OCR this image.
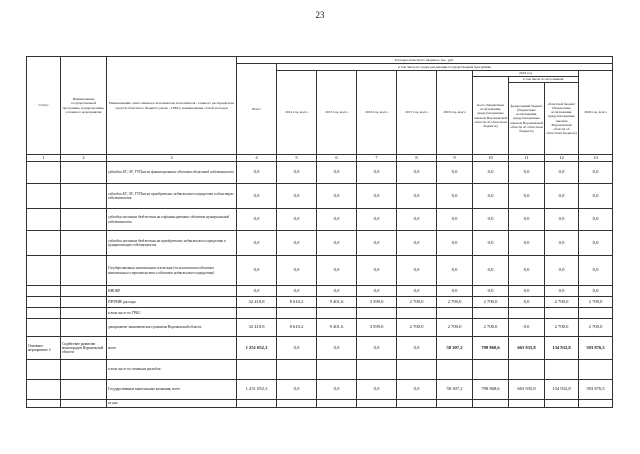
23
Статус	Наименование государственной программы, подпрограммы, основного мероприятия	Наименование ответственного исполнителя, исполнителя - главного распорядителя средств областного бюджета (далее - ГРБС), наименование статей расходов	Расходы областного бюджета, тыс. руб.									
			Всего	в том числе по годам реализации государственной программы								
				2014 год, всего	2015 год, всего	2016 год, всего	2017 год, всего	2018 год, всего	2019 год			2020 год, всего
									всего (бюджетные ассигнования, предусмотренные законом Воронежской области об областном бюджете)	в том числе по источникам:		
										федеральный бюджет (бюджетные ассигнования, предусмотренные законом Воронежской области об областном бюджете)	областной бюджет (бюджетные ассигнования, предусмотренные законом Воронежской области об областном бюджете)	
1	2	3	4	5	6	7	8	9	10	11	12	13
		субсидии БУ, АУ, ГУПам на финансирование объектов областной собственности	0,0	0,0	0,0	0,0	0,0	0,0	0,0	0,0	0,0	0,0
		субсидии БУ, АУ, ГУПам на приобретение недвижимого имущества в областную собственность	0,0	0,0	0,0	0,0	0,0	0,0	0,0	0,0	0,0	0,0
		субсидии местным бюджетам на софинансирование объектов муниципальной собственности	0,0	0,0	0,0	0,0	0,0	0,0	0,0	0,0	0,0	0,0
		субсидии местным бюджетам на приобретение недвижимого имущества в муниципальную собственность	0,0	0,0	0,0	0,0	0,0	0,0	0,0	0,0	0,0	0,0
		Государственные капитальные вложения (за исключением объектов капитального строительства и объектов недвижимого имущества)	0,0	0,0	0,0	0,0	0,0	0,0	0,0	0,0	0,0	0,0
		НИОКР	0,0	0,0	0,0	0,0	0,0	0,0	0,0	0,0	0,0	0,0
		ПРОЧИЕ расходы	32 410,8	8 610,2	9 401,6	3 599,0	2 700,0	2 700,0	2 700,0	0,0	2 700,0	2 700,0
		в том числе по ГРБС:										
		департамент экономического развития Воронежской области	32 410,8	8 610,2	9 401,6	3 599,0	2 700,0	2 700,0	2 700,0	0,0	2 700,0	2 700,0
Основное мероприятие 4	Содействие развитию моногородов Воронежской области	всего	1 251 052,3	0,0	0,0	0,0	0,0	58 307,2	798 868,6	663 935,8	134 932,8	393 876,5
		в том числе по статьям расходов:										
		Государственные капитальные вложения, всего	1 251 052,3	0,0	0,0	0,0	0,0	58 307,2	798 868,6	663 935,8	134 932,8	393 876,5
		из них:										
